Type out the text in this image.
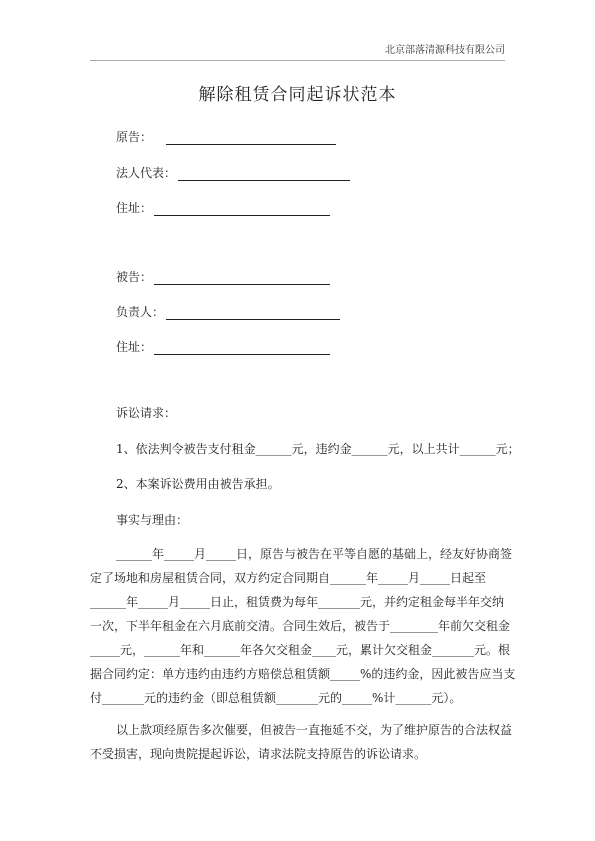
北京部落清源科技有限公司
解除租赁合同起诉状范本
原告：
法人代表：
住址：
被告：
负责人：
住址：
诉讼请求：
1、依法判令被告支付租金______元，违约金______元，以上共计______元；
2、本案诉讼费用由被告承担。
事实与理由：

______年_____月_____日，原告与被告在平等自愿的基础上，经友好协商签

定了场地和房屋租赁合同，双方约定合同期自______年_____月_____日起至

______年_____月_____日止，租赁费为每年_______元，并约定租金每半年交纳

一次，下半年租金在六月底前交清。合同生效后，被告于________年前欠交租金

_____元，______年和______年各欠交租金____元，累计欠交租金_______元。根

据合同约定：单方违约由违约方赔偿总租赁额_____%的违约金，因此被告应当支

付_______元的违约金（即总租赁额_______元的_____%计______元）。

以上款项经原告多次催要，但被告一直拖延不交，为了维护原告的合法权益

不受损害，现向贵院提起诉讼，请求法院支持原告的诉讼请求。
